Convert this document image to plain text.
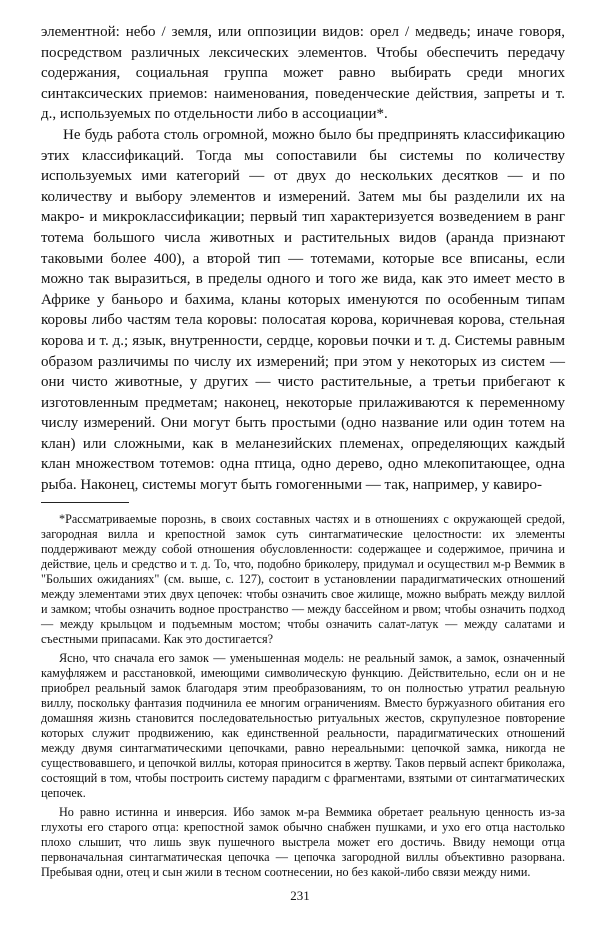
элементной: небо / земля, или оппозиции видов: орел / медведь; иначе говоря, посредством различных лексических элементов. Чтобы обеспечить передачу содержания, социальная группа может равно выбирать среди многих синтаксических приемов: наименования, поведенческие действия, запреты и т. д., используемых по отдельности либо в ассоциации*.

Не будь работа столь огромной, можно было бы предпринять классификацию этих классификаций. Тогда мы сопоставили бы системы по количеству используемых ими категорий — от двух до нескольких десятков — и по количеству и выбору элементов и измерений. Затем мы бы разделили их на макро- и микроклассификации; первый тип характеризуется возведением в ранг тотема большого числа животных и растительных видов (аранда признают таковыми более 400), а второй тип — тотемами, которые все вписаны, если можно так выразиться, в пределы одного и того же вида, как это имеет место в Африке у баньоро и бахима, кланы которых именуются по особенным типам коровы либо частям тела коровы: полосатая корова, коричневая корова, стельная корова и т. д.; язык, внутренности, сердце, коровьи почки и т. д. Системы равным образом различимы по числу их измерений; при этом у некоторых из систем — они чисто животные, у других — чисто растительные, а третьи прибегают к изготовленным предметам; наконец, некоторые прилаживаются к переменному числу измерений. Они могут быть простыми (одно название или один тотем на клан) или сложными, как в меланезийских племенах, определяющих каждый клан множеством тотемов: одна птица, одно дерево, одно млекопитающее, одна рыба. Наконец, системы могут быть гомогенными — так, например, у кавиро-

*Рассматриваемые порознь, в своих составных частях и в отношениях с окружающей средой, загородная вилла и крепостной замок суть синтагматические целостности: их элементы поддерживают между собой отношения обусловленности: содержащее и содержимое, причина и действие, цель и средство и т. д. То, что, подобно бриколеру, придумал и осуществил м-р Веммик в "Больших ожиданиях" (см. выше, с. 127), состоит в установлении парадигматических отношений между элементами этих двух цепочек: чтобы означить свое жилище, можно выбрать между виллой и замком; чтобы означить водное пространство — между бассейном и рвом; чтобы означить подход — между крыльцом и подъемным мостом; чтобы означить салат-латук — между салатами и съестными припасами. Как это достигается?

Ясно, что сначала его замок — уменьшенная модель: не реальный замок, а замок, означенный камуфляжем и расстановкой, имеющими символическую функцию. Действительно, если он и не приобрел реальный замок благодаря этим преобразованиям, то он полностью утратил реальную виллу, поскольку фантазия подчинила ее многим ограничениям. Вместо буржуазного обитания его домашняя жизнь становится последовательностью ритуальных жестов, скрупулезное повторение которых служит продвижению, как единственной реальности, парадигматических отношений между двумя синтагматическими цепочками, равно нереальными: цепочкой замка, никогда не существовавшего, и цепочкой виллы, которая приносится в жертву. Таков первый аспект бриколажа, состоящий в том, чтобы построить систему парадигм с фрагментами, взятыми от синтагматических цепочек.

Но равно истинна и инверсия. Ибо замок м-ра Веммика обретает реальную ценность из-за глухоты его старого отца: крепостной замок обычно снабжен пушками, и ухо его отца настолько плохо слышит, что лишь звук пушечного выстрела может его достичь. Ввиду немощи отца первоначальная синтагматическая цепочка — цепочка загородной виллы объективно разорвана. Пребывая одни, отец и сын жили в тесном соотнесении, но без какой-либо связи между ними.

231
